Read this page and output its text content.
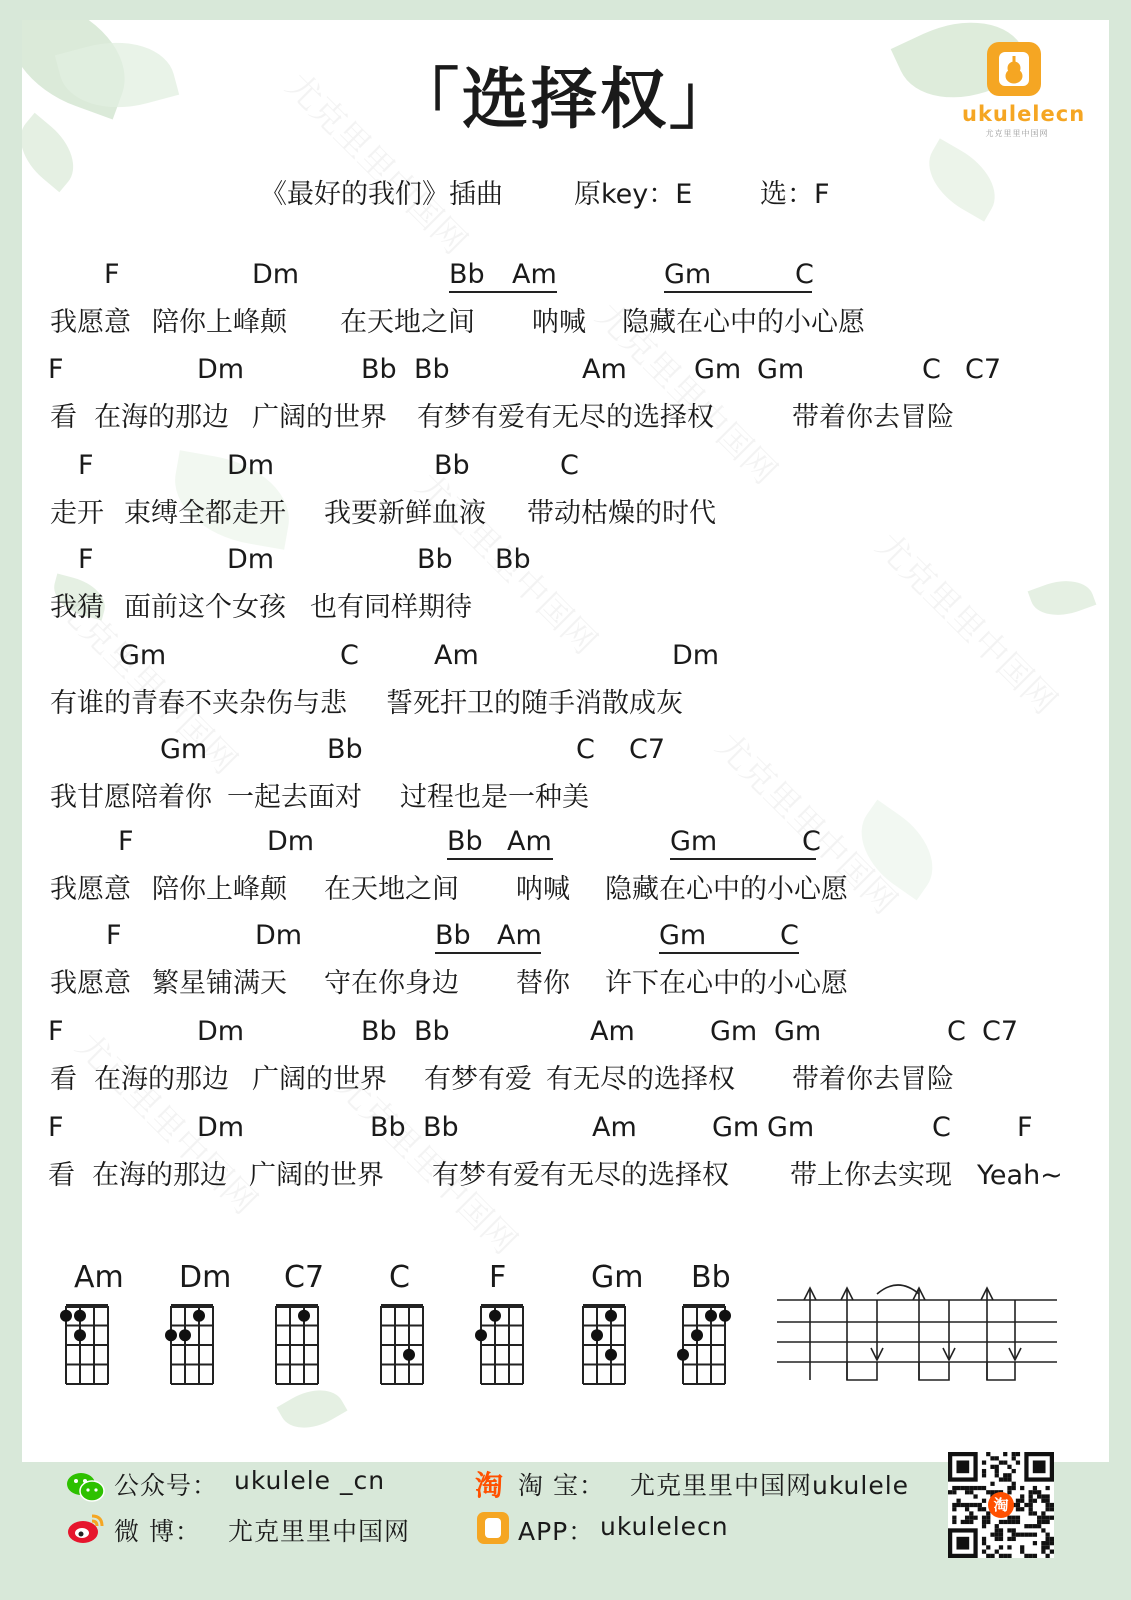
「选择权」
《最好的我们》插曲	原key：E	选：F
ukulelecn
尤克里里中国网
F	Dm	Bb Am	Gm	C
我愿意 陪你上峰颠 在天地之间 呐喊 隐藏在心中的小心愿
F	Dm	Bb Bb	Am Gm Gm	C C7
看 在海的那边 广阔的世界 有梦有爱有无尽的选择权	带着你去冒险
F	Dm	Bb	C
走开 束缚全都走开 我要新鲜血液 带动枯燥的时代
F	Dm	Bb Bb
我猜 面前这个女孩 也有同样期待
Gm	C	Am	Dm
有谁的青春不夹杂伤与悲 誓死扞卫的随手消散成灰
Gm	Bb	C C7
我甘愿陪着你 一起去面对 过程也是一种美
F	Dm	Bb Am	Gm	C
我愿意 陪你上峰颠 在天地之间 呐喊 隐藏在心中的小心愿
F	Dm	Bb Am	Gm	C
我愿意 繁星铺满天 守在你身边 替你 许下在心中的小心愿
F	Dm	Bb Bb	Am	Gm Gm	C C7
看 在海的那边 广阔的世界 有梦有爱 有无尽的选择权 带着你去冒险
F	Dm	Bb Bb	Am	Gm Gm	C F
看 在海的那边 广阔的世界 有梦有爱有无尽的选择权 带上你去实现 Yeah~
Am Dm C7 C	F	Gm Bb
公众号： ukulele _cn
微 博： 尤克里里中国网
淘 淘 宝： 尤克里里中国网ukulele
APP： ukulelecn
淘
